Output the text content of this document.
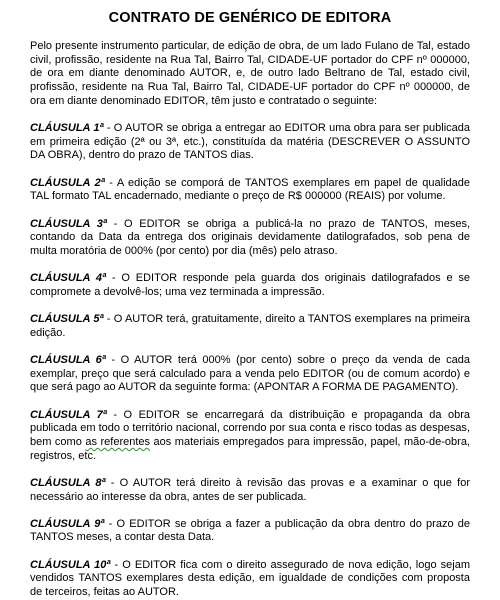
CONTRATO DE GENÉRICO DE EDITORA

Pelo presente instrumento particular, de edição de obra, de um lado Fulano de Tal, estado civil, profissão, residente na Rua Tal, Bairro Tal, CIDADE-UF portador do CPF nº 000000, de ora em diante denominado AUTOR, e, de outro lado Beltrano de Tal, estado civil, profissão, residente na Rua Tal, Bairro Tal, CIDADE-UF portador do CPF nº 000000, de ora em diante denominado EDITOR, têm justo e contratado o seguinte:

CLÁUSULA 1ª - O AUTOR se obriga a entregar ao EDITOR uma obra para ser publicada em primeira edição (2ª ou 3ª, etc.), constituída da matéria (DESCREVER O ASSUNTO DA OBRA), dentro do prazo de TANTOS dias.

CLÁUSULA 2ª - A edição se comporá de TANTOS exemplares em papel de qualidade TAL formato TAL encadernado, mediante o preço de R$ 000000 (REAIS) por volume.

CLÁUSULA 3ª - O EDITOR se obriga a publicá-la no prazo de TANTOS, meses, contando da Data da entrega dos originais devidamente datilografados, sob pena de multa moratória de 000% (por cento) por dia (mês) pelo atraso.

CLÁUSULA 4ª - O EDITOR responde pela guarda dos originais datilografados e se compromete a devolvê-los; uma vez terminada a impressão.

CLÁUSULA 5ª - O AUTOR terá, gratuitamente, direito a TANTOS exemplares na primeira edição.

CLÁUSULA 6ª - O AUTOR terá 000% (por cento) sobre o preço da venda de cada exemplar, preço que será calculado para a venda pelo EDITOR (ou de comum acordo) e que será pago ao AUTOR da seguinte forma: (APONTAR A FORMA DE PAGAMENTO).

CLÁUSULA 7ª - O EDITOR se encarregará da distribuição e propaganda da obra publicada em todo o território nacional, correndo por sua conta e risco todas as despesas, bem como as referentes aos materiais empregados para impressão, papel, mão-de-obra, registros, etc.

CLÁUSULA 8ª - O AUTOR terá direito à revisão das provas e a examinar o que for necessário ao interesse da obra, antes de ser publicada.

CLÁUSULA 9ª - O EDITOR se obriga a fazer a publicação da obra dentro do prazo de TANTOS meses, a contar desta Data.

CLÁUSULA 10ª - O EDITOR fica com o direito assegurado de nova edição, logo sejam vendidos TANTOS exemplares desta edição, em igualdade de condições com proposta de terceiros, feitas ao AUTOR.
